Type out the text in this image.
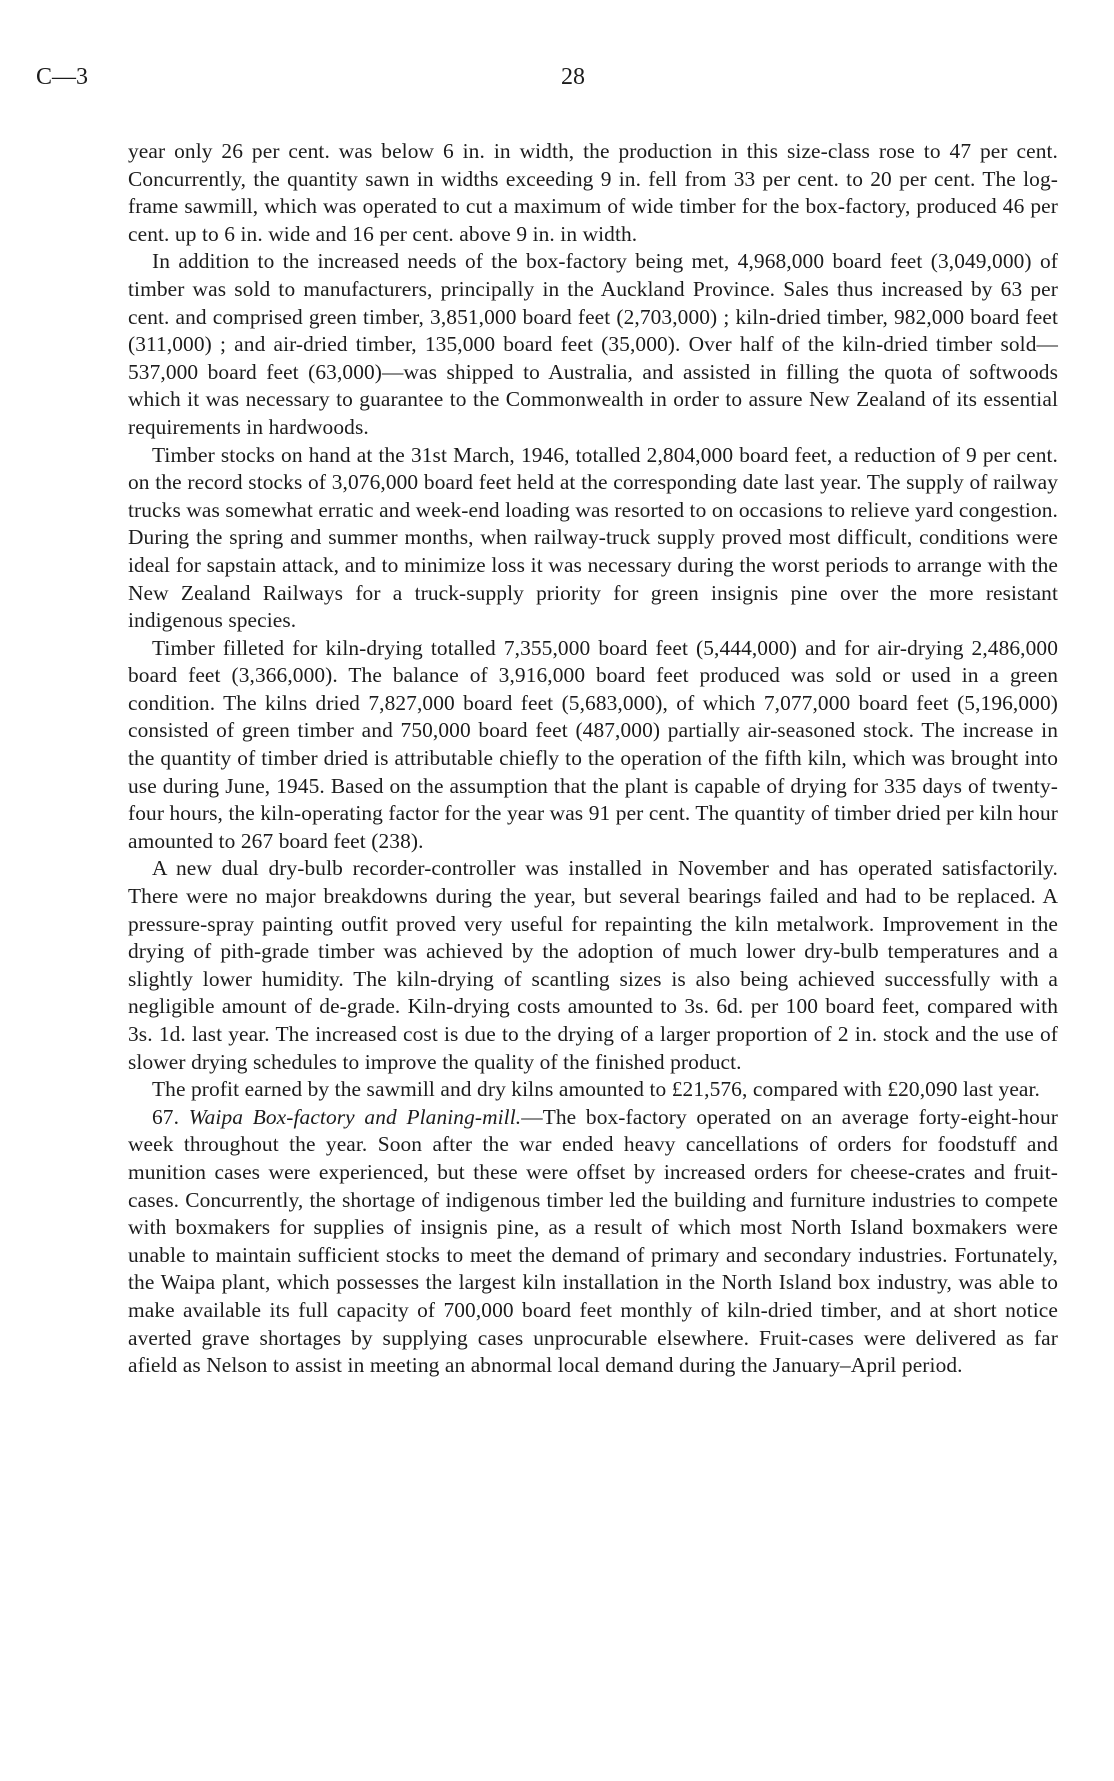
C—3	28

year only 26 per cent. was below 6 in. in width, the production in this size-class rose to 47 per cent. Concurrently, the quantity sawn in widths exceeding 9 in. fell from 33 per cent. to 20 per cent. The log-frame sawmill, which was operated to cut a maximum of wide timber for the box-factory, produced 46 per cent. up to 6 in. wide and 16 per cent. above 9 in. in width.

In addition to the increased needs of the box-factory being met, 4,968,000 board feet (3,049,000) of timber was sold to manufacturers, principally in the Auckland Province. Sales thus increased by 63 per cent. and comprised green timber, 3,851,000 board feet (2,703,000) ; kiln-dried timber, 982,000 board feet (311,000) ; and air-dried timber, 135,000 board feet (35,000). Over half of the kiln-dried timber sold—537,000 board feet (63,000)—was shipped to Australia, and assisted in filling the quota of softwoods which it was necessary to guarantee to the Commonwealth in order to assure New Zealand of its essential requirements in hardwoods.

Timber stocks on hand at the 31st March, 1946, totalled 2,804,000 board feet, a reduction of 9 per cent. on the record stocks of 3,076,000 board feet held at the corresponding date last year. The supply of railway trucks was somewhat erratic and week-end loading was resorted to on occasions to relieve yard congestion. During the spring and summer months, when railway-truck supply proved most difficult, conditions were ideal for sapstain attack, and to minimize loss it was necessary during the worst periods to arrange with the New Zealand Railways for a truck-supply priority for green insignis pine over the more resistant indigenous species.

Timber filleted for kiln-drying totalled 7,355,000 board feet (5,444,000) and for air-drying 2,486,000 board feet (3,366,000). The balance of 3,916,000 board feet produced was sold or used in a green condition. The kilns dried 7,827,000 board feet (5,683,000), of which 7,077,000 board feet (5,196,000) consisted of green timber and 750,000 board feet (487,000) partially air-seasoned stock. The increase in the quantity of timber dried is attributable chiefly to the operation of the fifth kiln, which was brought into use during June, 1945. Based on the assumption that the plant is capable of drying for 335 days of twenty-four hours, the kiln-operating factor for the year was 91 per cent. The quantity of timber dried per kiln hour amounted to 267 board feet (238).

A new dual dry-bulb recorder-controller was installed in November and has operated satisfactorily. There were no major breakdowns during the year, but several bearings failed and had to be replaced. A pressure-spray painting outfit proved very useful for repainting the kiln metalwork. Improvement in the drying of pith-grade timber was achieved by the adoption of much lower dry-bulb temperatures and a slightly lower humidity. The kiln-drying of scantling sizes is also being achieved successfully with a negligible amount of de-grade. Kiln-drying costs amounted to 3s. 6d. per 100 board feet, compared with 3s. 1d. last year. The increased cost is due to the drying of a larger proportion of 2 in. stock and the use of slower drying schedules to improve the quality of the finished product.

The profit earned by the sawmill and dry kilns amounted to £21,576, compared with £20,090 last year.

67. Waipa Box-factory and Planing-mill.—The box-factory operated on an average forty-eight-hour week throughout the year. Soon after the war ended heavy cancellations of orders for foodstuff and munition cases were experienced, but these were offset by increased orders for cheese-crates and fruit-cases. Concurrently, the shortage of indigenous timber led the building and furniture industries to compete with boxmakers for supplies of insignis pine, as a result of which most North Island boxmakers were unable to maintain sufficient stocks to meet the demand of primary and secondary industries. Fortunately, the Waipa plant, which possesses the largest kiln installation in the North Island box industry, was able to make available its full capacity of 700,000 board feet monthly of kiln-dried timber, and at short notice averted grave shortages by supplying cases unprocurable elsewhere. Fruit-cases were delivered as far afield as Nelson to assist in meeting an abnormal local demand during the January–April period.
